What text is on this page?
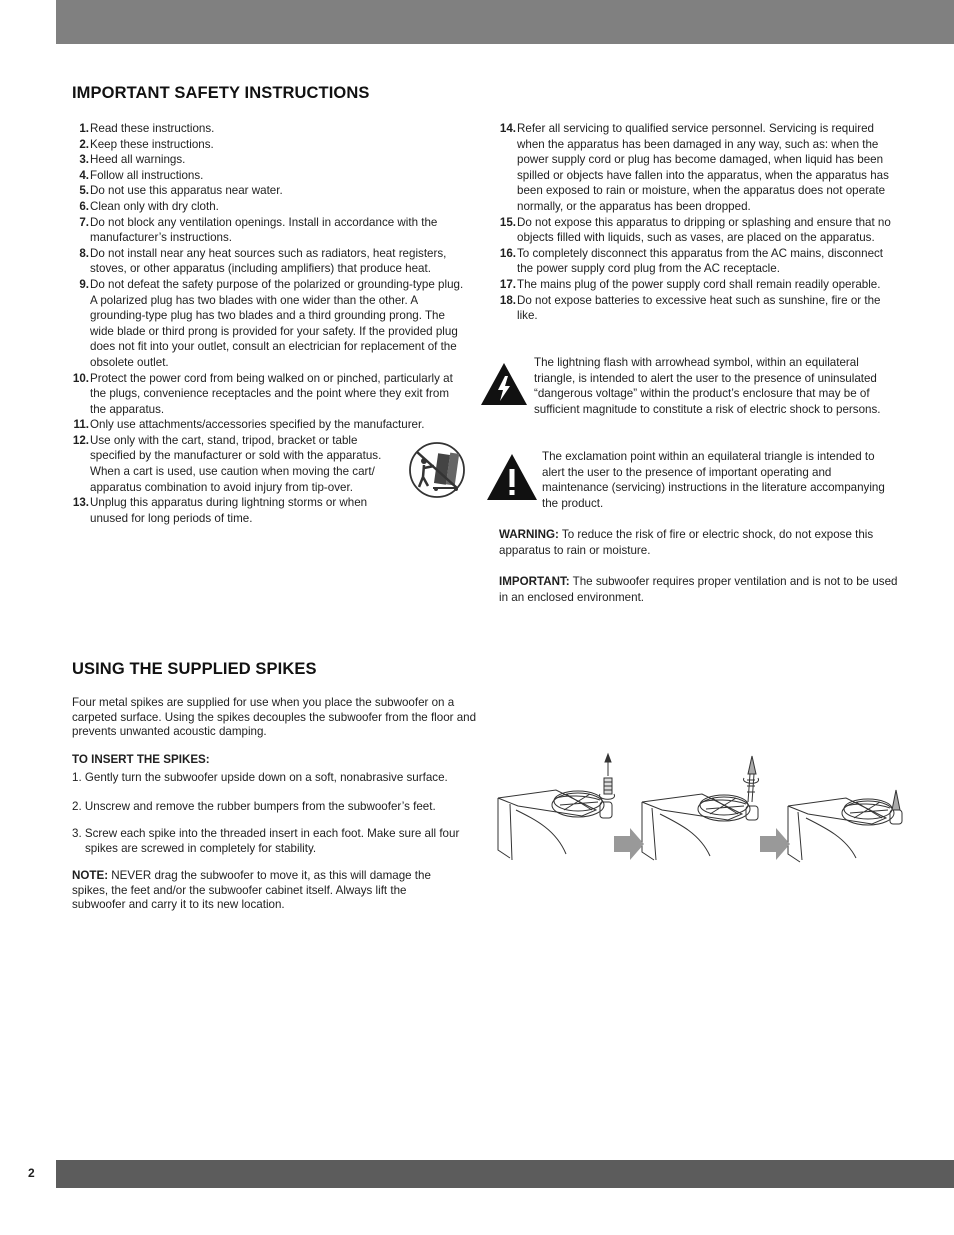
IMPORTANT SAFETY INSTRUCTIONS
1. Read these instructions.
2. Keep these instructions.
3. Heed all warnings.
4. Follow all instructions.
5. Do not use this apparatus near water.
6. Clean only with dry cloth.
7. Do not block any ventilation openings. Install in accordance with the manufacturer’s instructions.
8. Do not install near any heat sources such as radiators, heat registers, stoves, or other apparatus (including amplifiers) that produce heat.
9. Do not defeat the safety purpose of the polarized or grounding-type plug. A polarized plug has two blades with one wider than the other. A grounding-type plug has two blades and a third grounding prong. The wide blade or third prong is provided for your safety. If the provided plug does not fit into your outlet, consult an electrician for replacement of the obsolete outlet.
10. Protect the power cord from being walked on or pinched, particularly at the plugs, convenience receptacles and the point where they exit from the apparatus.
11. Only use attachments/accessories specified by the manufacturer.
12. Use only with the cart, stand, tripod, bracket or table specified by the manufacturer or sold with the apparatus. When a cart is used, use caution when moving the cart/ apparatus combination to avoid injury from tip-over.
13. Unplug this apparatus during lightning storms or when unused for long periods of time.
14. Refer all servicing to qualified service personnel. Servicing is required when the apparatus has been damaged in any way, such as: when the power supply cord or plug has become damaged, when liquid has been spilled or objects have fallen into the apparatus, when the apparatus has been exposed to rain or moisture, when the apparatus does not operate normally, or the apparatus has been dropped.
15. Do not expose this apparatus to dripping or splashing and ensure that no objects filled with liquids, such as vases, are placed on the apparatus.
16. To completely disconnect this apparatus from the AC mains, disconnect the power supply cord plug from the AC receptacle.
17. The mains plug of the power supply cord shall remain readily operable.
18. Do not expose batteries to excessive heat such as sunshine, fire or the like.

The lightning flash with arrowhead symbol, within an equilateral triangle, is intended to alert the user to the presence of uninsulated “dangerous voltage” within the product’s enclosure that may be of sufficient magnitude to constitute a risk of electric shock to persons.

The exclamation point within an equilateral triangle is intended to alert the user to the presence of important operating and maintenance (servicing) instructions in the literature accompanying the product.

WARNING: To reduce the risk of fire or electric shock, do not expose this apparatus to rain or moisture.

IMPORTANT: The subwoofer requires proper ventilation and is not to be used in an enclosed environment.

USING THE SUPPLIED SPIKES

Four metal spikes are supplied for use when you place the subwoofer on a carpeted surface. Using the spikes decouples the subwoofer from the floor and prevents unwanted acoustic damping.

TO INSERT THE SPIKES:

1. Gently turn the subwoofer upside down on a soft, nonabrasive surface.

2. Unscrew and remove the rubber bumpers from the subwoofer’s feet.

3. Screw each spike into the threaded insert in each foot. Make sure all four spikes are screwed in completely for stability.

NOTE: NEVER drag the subwoofer to move it, as this will damage the spikes, the feet and/or the subwoofer cabinet itself. Always lift the subwoofer and carry it to its new location.

2
